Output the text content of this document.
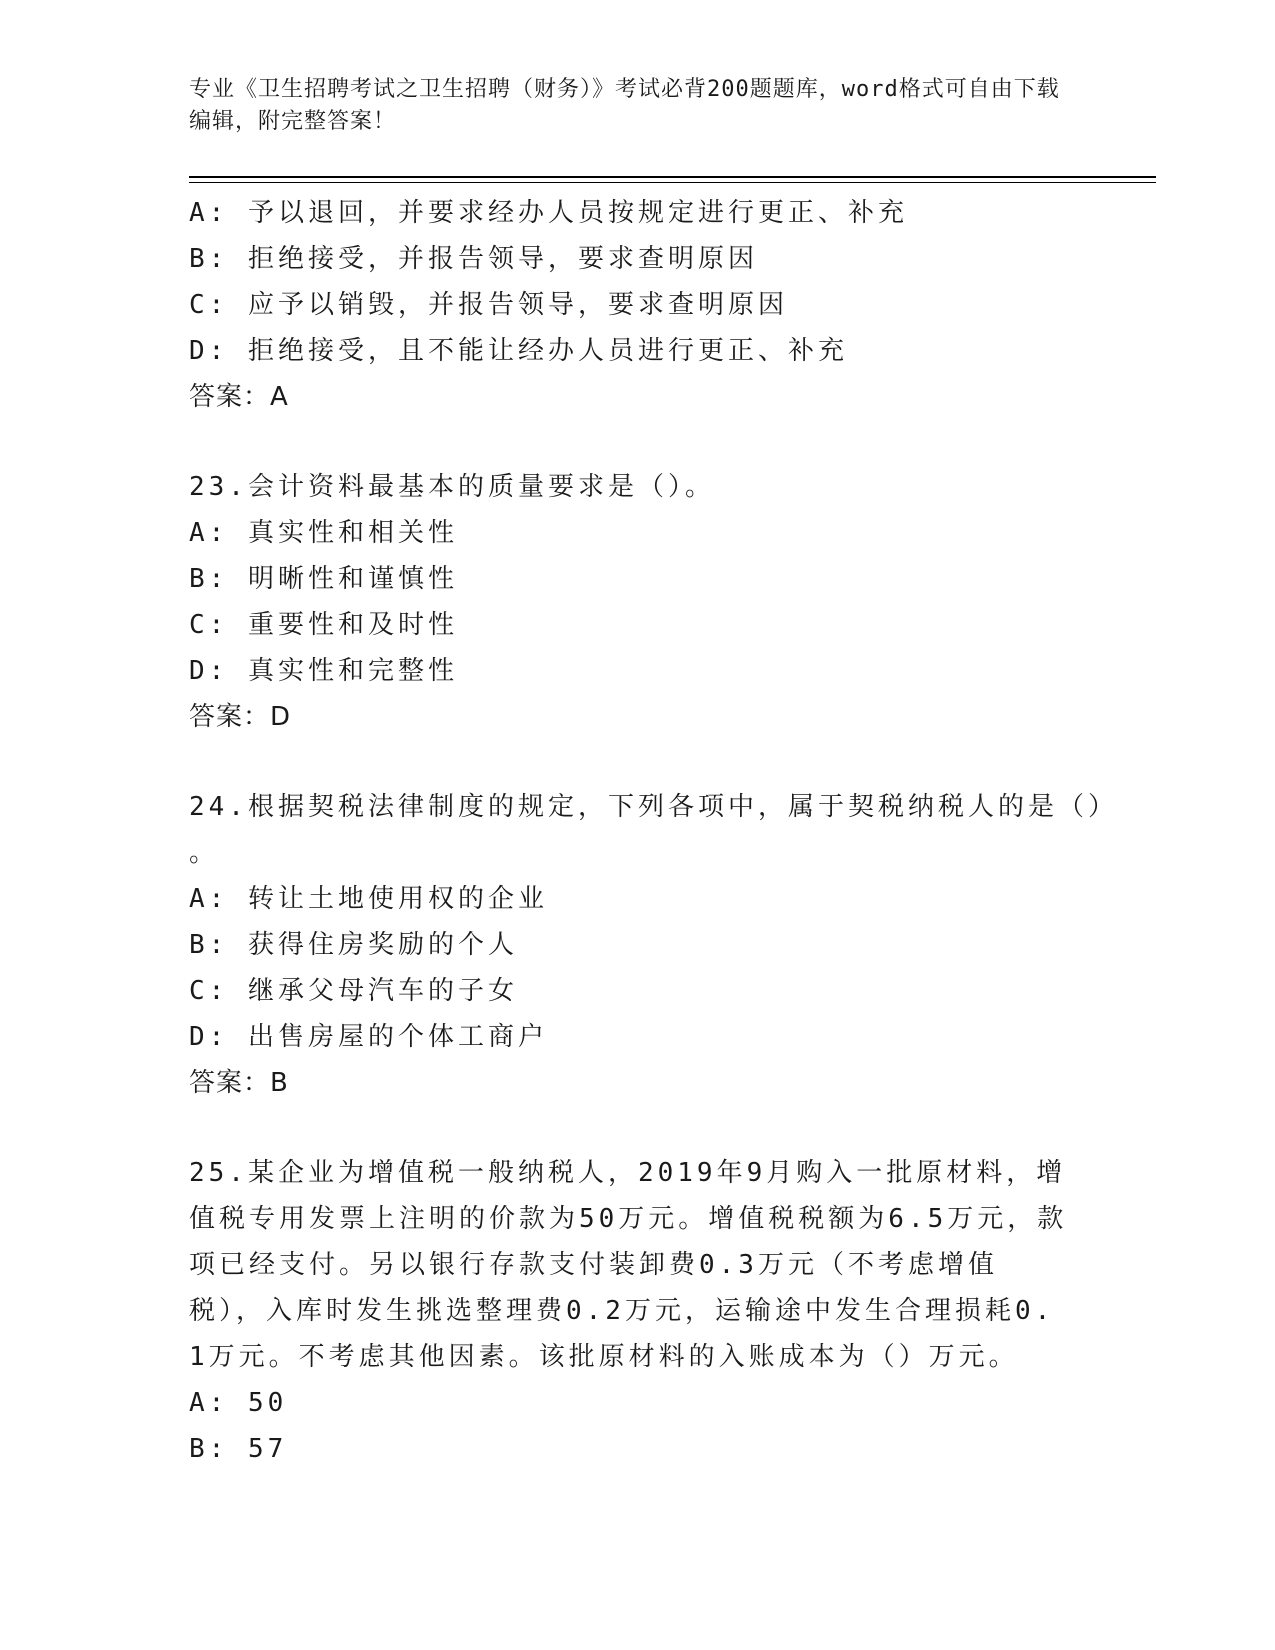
专业《卫生招聘考试之卫生招聘（财务）》考试必背200题题库，word格式可自由下载编辑，附完整答案！
A: 予以退回，并要求经办人员按规定进行更正、补充
B: 拒绝接受，并报告领导，要求查明原因
C: 应予以销毁，并报告领导，要求查明原因
D: 拒绝接受，且不能让经办人员进行更正、补充
答案：A
23.会计资料最基本的质量要求是（）。
A: 真实性和相关性
B: 明晰性和谨慎性
C: 重要性和及时性
D: 真实性和完整性
答案：D
24.根据契税法律制度的规定，下列各项中，属于契税纳税人的是（）
。
A: 转让土地使用权的企业
B: 获得住房奖励的个人
C: 继承父母汽车的子女
D: 出售房屋的个体工商户
答案：B
25.某企业为增值税一般纳税人，2019年9月购入一批原材料，增值税专用发票上注明的价款为50万元。增值税税额为6.5万元，款项已经支付。另以银行存款支付装卸费0.3万元（不考虑增值税），入库时发生挑选整理费0.2万元，运输途中发生合理损耗0.1万元。不考虑其他因素。该批原材料的入账成本为（）万元。
A: 50
B: 57
